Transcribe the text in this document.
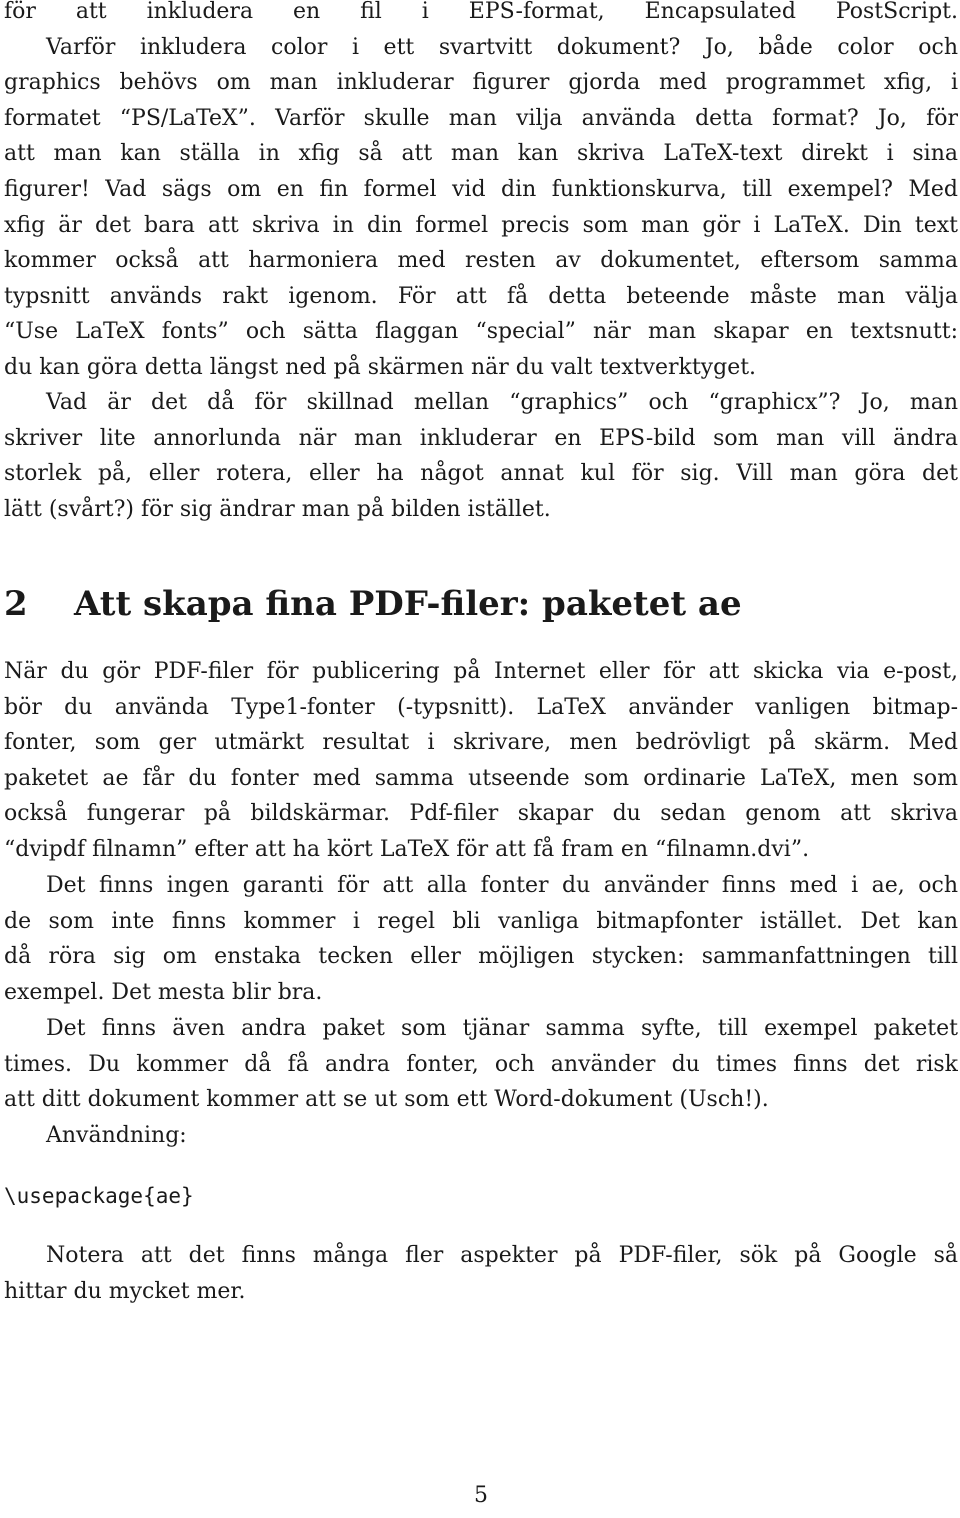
för att inkludera en fil i EPS-format, Encapsulated PostScript.
Varför inkludera color i ett svartvitt dokument? Jo, både color och
graphics behövs om man inkluderar figurer gjorda med programmet xfig, i
formatet “PS/LaTeX”. Varför skulle man vilja använda detta format? Jo, för
att man kan ställa in xfig så att man kan skriva LaTeX-text direkt i sina
figurer! Vad sägs om en fin formel vid din funktionskurva, till exempel? Med
xfig är det bara att skriva in din formel precis som man gör i LaTeX. Din text
kommer också att harmoniera med resten av dokumentet, eftersom samma
typsnitt används rakt igenom. För att få detta beteende måste man välja
“Use LaTeX fonts” och sätta flaggan “special” när man skapar en textsnutt:
du kan göra detta längst ned på skärmen när du valt textverktyget.
Vad är det då för skillnad mellan “graphics” och “graphicx”? Jo, man
skriver lite annorlunda när man inkluderar en EPS-bild som man vill ändra
storlek på, eller rotera, eller ha något annat kul för sig. Vill man göra det
lätt (svårt?) för sig ändrar man på bilden istället.
2 Att skapa fina PDF-filer: paketet ae
När du gör PDF-filer för publicering på Internet eller för att skicka via e-post,
bör du använda Type1-fonter (-typsnitt). LaTeX använder vanligen bitmap-
fonter, som ger utmärkt resultat i skrivare, men bedrövligt på skärm. Med
paketet ae får du fonter med samma utseende som ordinarie LaTeX, men som
också fungerar på bildskärmar. Pdf-filer skapar du sedan genom att skriva
“dvipdf filnamn” efter att ha kört LaTeX för att få fram en “filnamn.dvi”.
Det finns ingen garanti för att alla fonter du använder finns med i ae, och
de som inte finns kommer i regel bli vanliga bitmapfonter istället. Det kan
då röra sig om enstaka tecken eller möjligen stycken: sammanfattningen till
exempel. Det mesta blir bra.
Det finns även andra paket som tjänar samma syfte, till exempel paketet
times. Du kommer då få andra fonter, och använder du times finns det risk
att ditt dokument kommer att se ut som ett Word-dokument (Usch!).
Användning:
\usepackage{ae}
Notera att det finns många fler aspekter på PDF-filer, sök på Google så
hittar du mycket mer.
5
